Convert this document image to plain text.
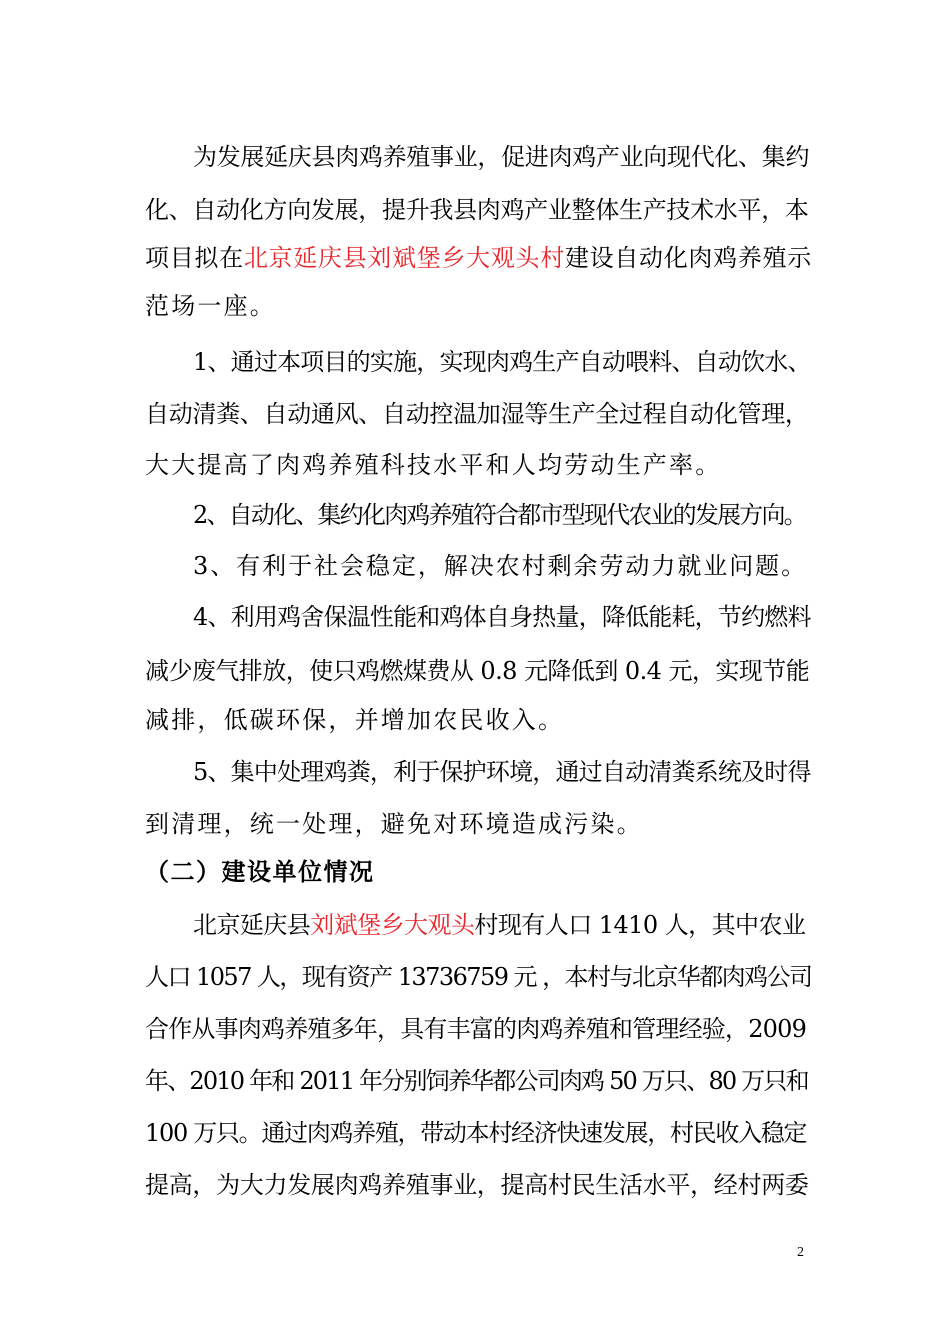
为发展延庆县肉鸡养殖事业，促进肉鸡产业向现代化、集约
化、自动化方向发展，提升我县肉鸡产业整体生产技术水平，本
项目拟在北京延庆县刘斌堡乡大观头村建设自动化肉鸡养殖示
范场一座。
1、通过本项目的实施，实现肉鸡生产自动喂料、自动饮水、
自动清粪、自动通风、自动控温加湿等生产全过程自动化管理，
大大提高了肉鸡养殖科技水平和人均劳动生产率。
2、自动化、集约化肉鸡养殖符合都市型现代农业的发展方向。
3、有利于社会稳定，解决农村剩余劳动力就业问题。
4、利用鸡舍保温性能和鸡体自身热量，降低能耗，节约燃料
减少废气排放，使只鸡燃煤费从 0.8 元降低到 0.4 元，实现节能
减排，低碳环保，并增加农民收入。
5、集中处理鸡粪，利于保护环境，通过自动清粪系统及时得
到清理，统一处理，避免对环境造成污染。
（二）建设单位情况
北京延庆县刘斌堡乡大观头村现有人口 1410 人，其中农业
人口 1057 人，现有资产 13736759 元 ，本村与北京华都肉鸡公司
合作从事肉鸡养殖多年，具有丰富的肉鸡养殖和管理经验，2009
年、2010 年和 2011 年分别饲养华都公司肉鸡 50 万只、80 万只和
100 万只。通过肉鸡养殖，带动本村经济快速发展，村民收入稳定
提高，为大力发展肉鸡养殖事业，提高村民生活水平，经村两委
2
